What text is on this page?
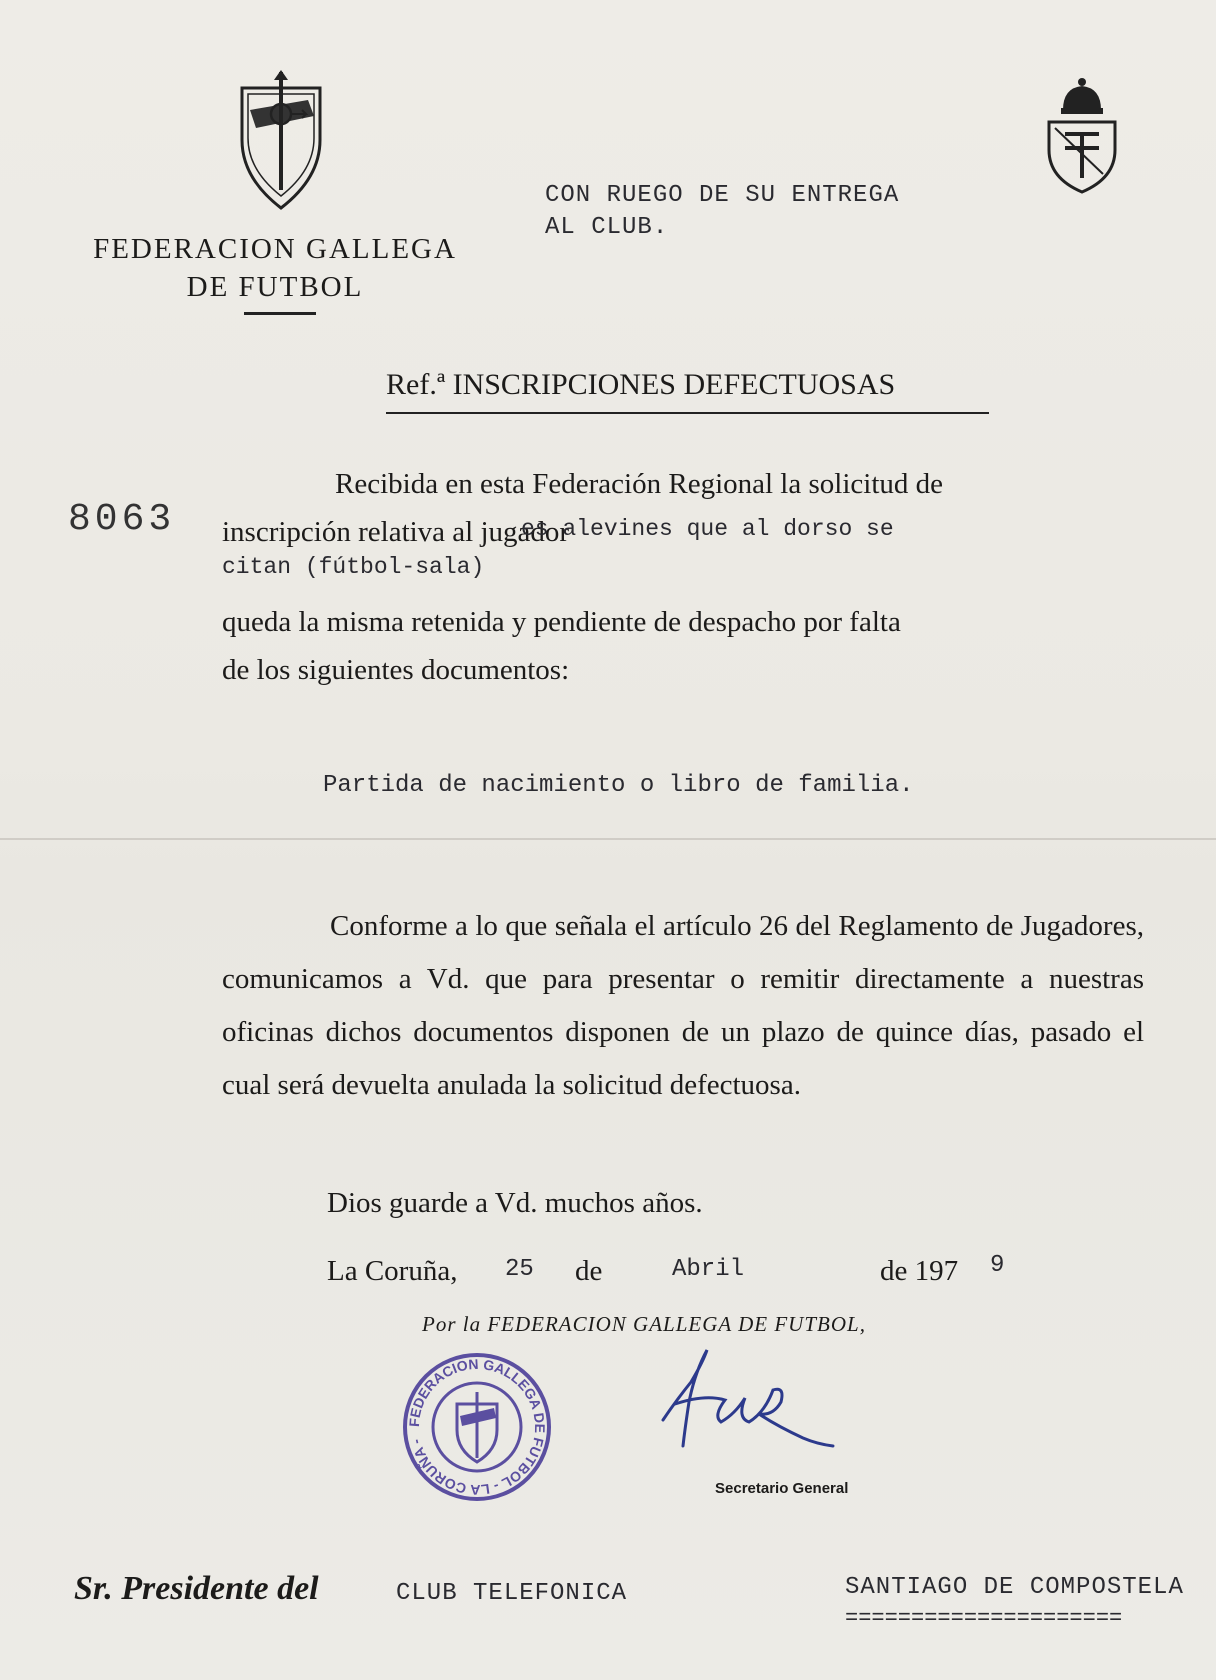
FEDERACION GALLEGA
DE FUTBOL
CON RUEGO DE SU ENTREGA
AL CLUB.
Ref.ª INSCRIPCIONES DEFECTUOSAS
8063
Recibida en esta Federación Regional la solicitud de
inscripción relativa al jugador
es alevines que al dorso se
citan (fútbol-sala)
queda la misma retenida y pendiente de despacho por falta
de los siguientes documentos:
Partida de nacimiento o libro de familia.
Conforme a lo que señala el artículo 26 del Reglamento de Jugadores, comunicamos a Vd. que para presentar o remitir directamente a nuestras oficinas dichos documentos disponen de un plazo de quince días, pasado el cual será devuelta anulada la solicitud defectuosa.
Dios guarde a Vd. muchos años.
La Coruña, 25 de	Abril	de 197 9
Por la FEDERACION GALLEGA DE FUTBOL,
FEDERACION GALLEGA DE FUTBOL - LA CORUÑA -
Secretario General
Sr. Presidente del	CLUB TELEFONICA	SANTIAGO DE COMPOSTELA
=====================
